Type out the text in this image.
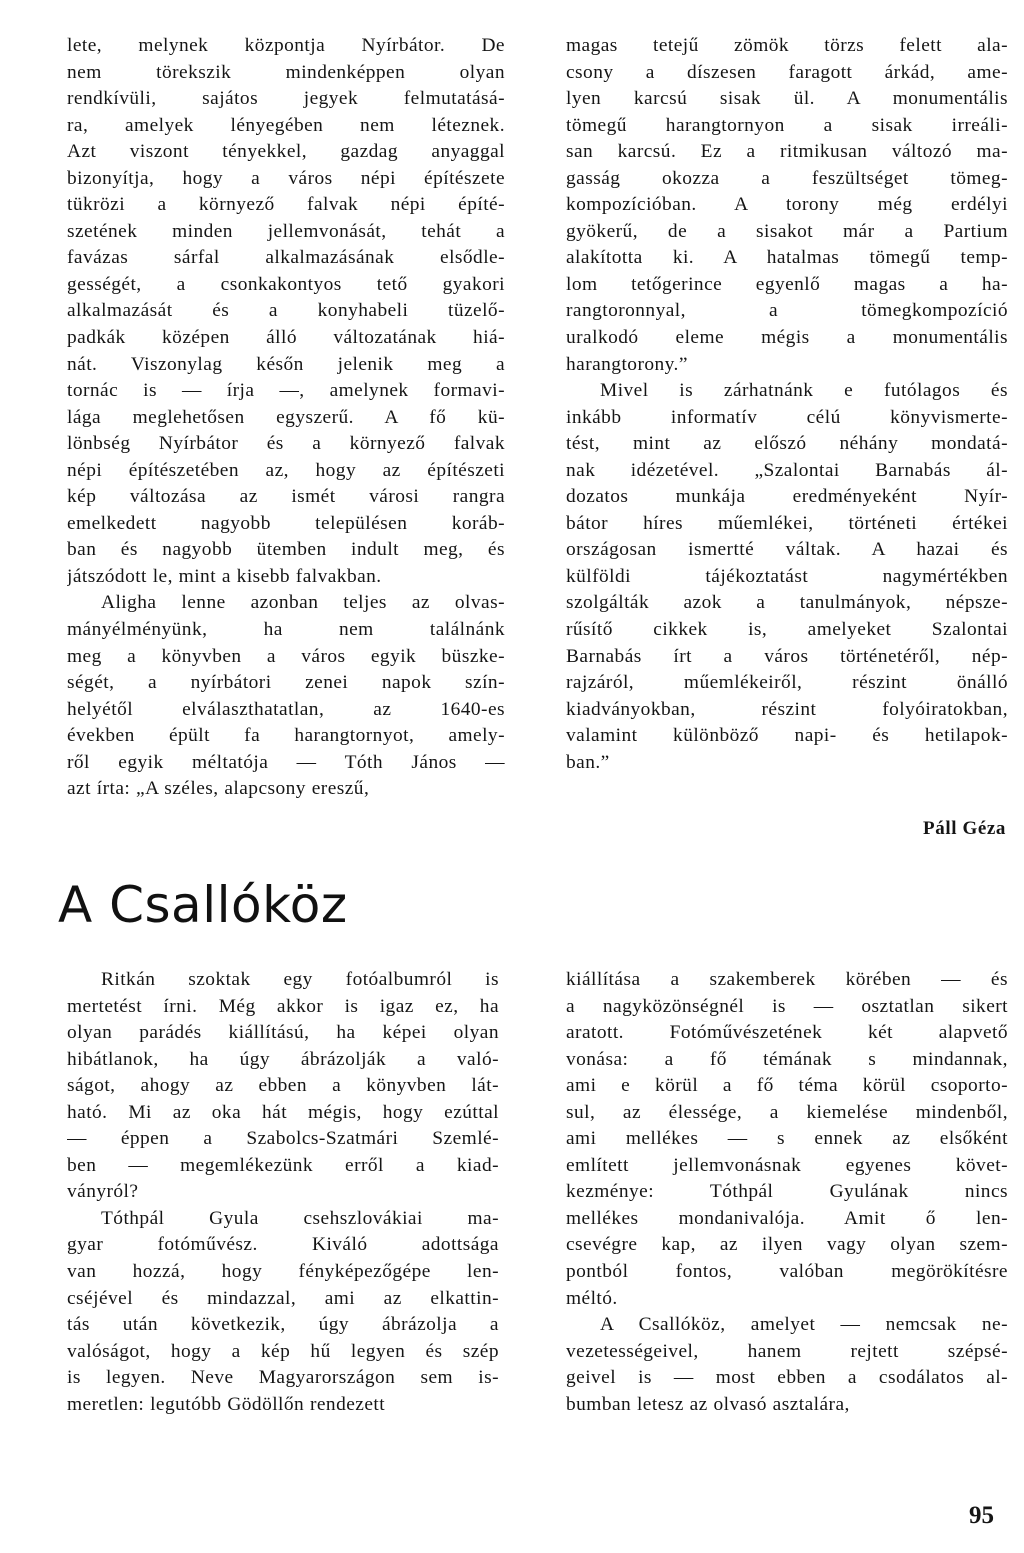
lete, melynek központja Nyírbátor. De
nem törekszik mindenképpen olyan
rendkívüli, sajátos jegyek felmutatásá-
ra, amelyek lényegében nem léteznek.
Azt viszont tényekkel, gazdag anyaggal
bizonyítja, hogy a város népi építészete
tükrözi a környező falvak népi építé-
szetének minden jellemvonását, tehát a
favázas sárfal alkalmazásának elsődle-
gességét, a csonkakontyos tető gyakori
alkalmazását és a konyhabeli tüzelő-
padkák középen álló változatának hiá-
nát. Viszonylag későn jelenik meg a
tornác is — írja —, amelynek formavi-
lága meglehetősen egyszerű. A fő kü-
lönbség Nyírbátor és a környező falvak
népi építészetében az, hogy az építészeti
kép változása az ismét városi rangra
emelkedett nagyobb településen koráb-
ban és nagyobb ütemben indult meg, és
játszódott le, mint a kisebb falvakban.
Aligha lenne azonban teljes az olvas-
mányélményünk, ha nem találnánk
meg a könyvben a város egyik büszke-
ségét, a nyírbátori zenei napok szín-
helyétől elválaszthatatlan, az 1640-es
években épült fa harangtornyot, amely-
ről egyik méltatója — Tóth János —
azt írta: „A széles, alapcsony ereszű,
magas tetejű zömök törzs felett ala-
csony a díszesen faragott árkád, ame-
lyen karcsú sisak ül. A monumentális
tömegű harangtornyon a sisak irreáli-
san karcsú. Ez a ritmikusan változó ma-
gasság okozza a feszültséget tömeg-
kompozícióban. A torony még erdélyi
gyökerű, de a sisakot már a Partium
alakította ki. A hatalmas tömegű temp-
lom tetőgerince egyenlő magas a ha-
rangtoronnyal, a tömegkompozíció
uralkodó eleme mégis a monumentális
harangtorony.”
Mivel is zárhatnánk e futólagos és
inkább informatív célú könyvismerte-
tést, mint az előszó néhány mondatá-
nak idézetével. „Szalontai Barnabás ál-
dozatos munkája eredményeként Nyír-
bátor híres műemlékei, történeti értékei
országosan ismertté váltak. A hazai és
külföldi tájékoztatást nagymértékben
szolgálták azok a tanulmányok, népsze-
rűsítő cikkek is, amelyeket Szalontai
Barnabás írt a város történetéről, nép-
rajzáról, műemlékeiről, részint önálló
kiadványokban, részint folyóiratokban,
valamint különböző napi- és hetilapok-
ban.”
Páll Géza
A Csallóköz
Ritkán szoktak egy fotóalbumról is
mertetést írni. Még akkor is igaz ez, ha
olyan parádés kiállítású, ha képei olyan
hibátlanok, ha úgy ábrázolják a való-
ságot, ahogy az ebben a könyvben lát-
ható. Mi az oka hát mégis, hogy ezúttal
— éppen a Szabolcs-Szatmári Szemlé-
ben — megemlékezünk erről a kiad-
ványról?
Tóthpál Gyula csehszlovákiai ma-
gyar fotóművész. Kiváló adottsága
van hozzá, hogy fényképezőgépe len-
cséjével és mindazzal, ami az elkattin-
tás után következik, úgy ábrázolja a
valóságot, hogy a kép hű legyen és szép
is legyen. Neve Magyarországon sem is-
meretlen: legutóbb Gödöllőn rendezett
kiállítása a szakemberek körében — és
a nagyközönségnél is — osztatlan sikert
aratott. Fotóművészetének két alapvető
vonása: a fő témának s mindannak,
ami e körül a fő téma körül csoporto-
sul, az élessége, a kiemelése mindenből,
ami mellékes — s ennek az elsőként
említett jellemvonásnak egyenes követ-
kezménye: Tóthpál Gyulának nincs
mellékes mondanivalója. Amit ő len-
csevégre kap, az ilyen vagy olyan szem-
pontból fontos, valóban megörökítésre
méltó.
A Csallóköz, amelyet — nemcsak ne-
vezetességeivel, hanem rejtett szépsé-
geivel is — most ebben a csodálatos al-
bumban letesz az olvasó asztalára,
95
